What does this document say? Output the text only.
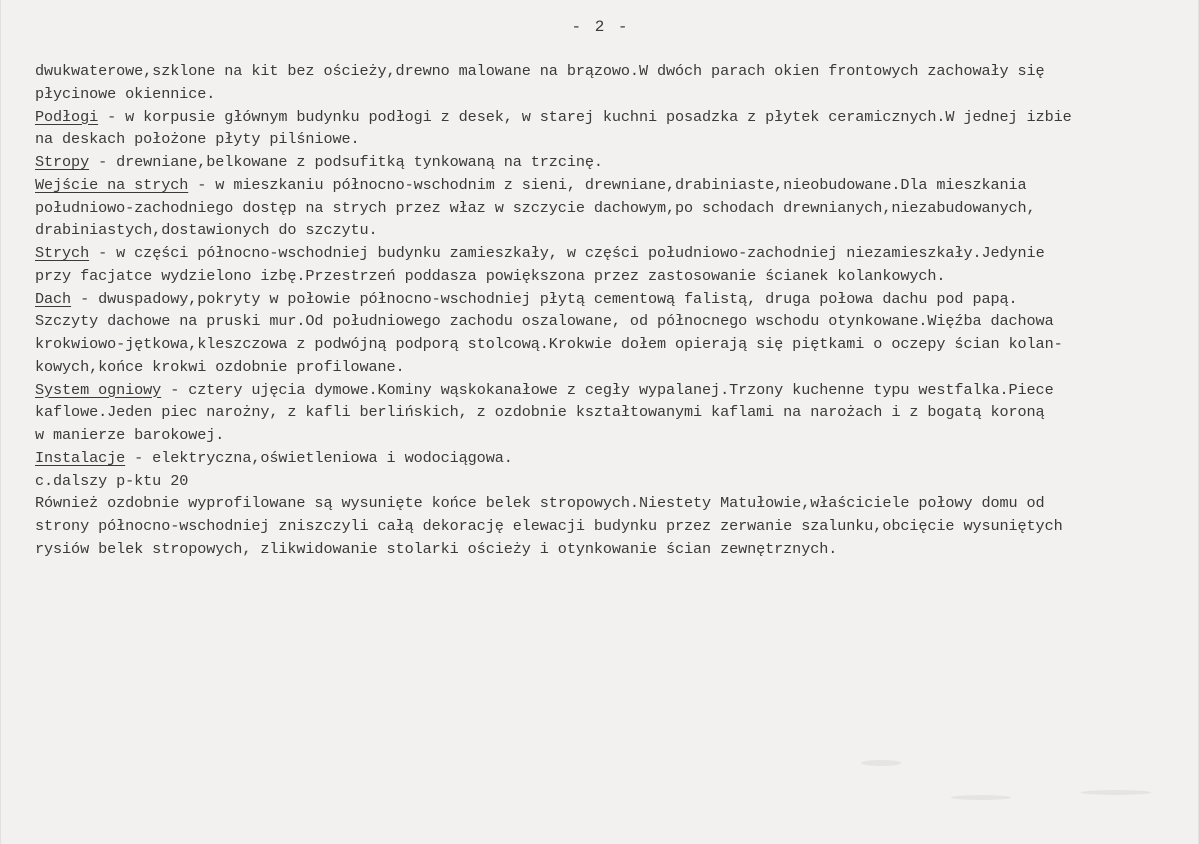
- 2 -
dwukwaterowe,szklone na kit bez ościeży,drewno malowane na brązowo.W dwóch parach okien frontowych zachowały się
płycinowe okiennice.
Podłogi - w korpusie głównym budynku podłogi z desek, w starej kuchni posadzka z płytek ceramicznych.W jednej izbie
na deskach położone płyty pilśniowe.
Stropy - drewniane,belkowane z podsufitką tynkowaną na trzcinę.
Wejście na strych - w mieszkaniu północno-wschodnim z sieni, drewniane,drabiniaste,nieobudowane.Dla mieszkania
południowo-zachodniego dostęp na strych przez właz w szczycie dachowym,po schodach drewnianych,niezabudowanych,
drabiniastych,dostawionych do szczytu.
Strych - w części północno-wschodniej budynku zamieszkały, w części południowo-zachodniej niezamieszkały.Jedynie
przy facjatce wydzielono izbę.Przestrzeń poddasza powiększona przez zastosowanie ścianek kolankowych.
Dach - dwuspadowy,pokryty w połowie północno-wschodniej płytą cementową falistą, druga połowa dachu pod papą.
Szczyty dachowe na pruski mur.Od południowego zachodu oszalowane, od północnego wschodu otynkowane.Więźba dachowa
krokwiowo-jętkowa,kleszczowa z podwójną podporą stolcową.Krokwie dołem opierają się piętkami o oczepy ścian kolan-
kowych,końce krokwi ozdobnie profilowane.
System ogniowy - cztery ujęcia dymowe.Kominy wąskokanałowe z cegły wypalanej.Trzony kuchenne typu westfalka.Piece
kaflowe.Jeden piec narożny, z kafli berlińskich, z ozdobnie kształtowanymi kaflami na narożach i z bogatą koroną
w manierze barokowej.
Instalacje - elektryczna,oświetleniowa i wodociągowa.
c.dalszy p-ktu 20
Również ozdobnie wyprofilowane są wysunięte końce belek stropowych.Niestety Matułowie,właściciele połowy domu od
strony północno-wschodniej zniszczyli całą dekorację elewacji budynku przez zerwanie szalunku,obcięcie wysuniętych
rysiów belek stropowych, zlikwidowanie stolarki ościeży i otynkowanie ścian zewnętrznych.
